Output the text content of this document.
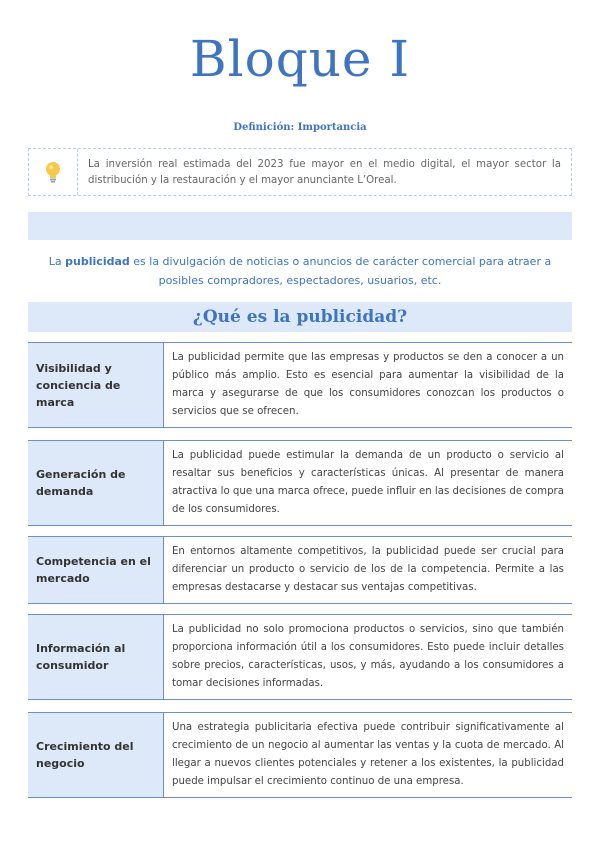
Bloque I
Definición: Importancia
La inversión real estimada del 2023 fue mayor en el medio digital, el mayor sector la distribución y la restauración y el mayor anunciante L’Oreal.
La publicidad es la divulgación de noticias o anuncios de carácter comercial para atraer a posibles compradores, espectadores, usuarios, etc.
¿Qué es la publicidad?
Visibilidad y conciencia de marca
La publicidad permite que las empresas y productos se den a conocer a un público más amplio. Esto es esencial para aumentar la visibilidad de la marca y asegurarse de que los consumidores conozcan los productos o servicios que se ofrecen.
Generación de demanda
La publicidad puede estimular la demanda de un producto o servicio al resaltar sus beneficios y características únicas. Al presentar de manera atractiva lo que una marca ofrece, puede influir en las decisiones de compra de los consumidores.
Competencia en el mercado
En entornos altamente competitivos, la publicidad puede ser crucial para diferenciar un producto o servicio de los de la competencia. Permite a las empresas destacarse y destacar sus ventajas competitivas.
Información al consumidor
La publicidad no solo promociona productos o servicios, sino que también proporciona información útil a los consumidores. Esto puede incluir detalles sobre precios, características, usos, y más, ayudando a los consumidores a tomar decisiones informadas.
Crecimiento del negocio
Una estrategia publicitaria efectiva puede contribuir significativamente al crecimiento de un negocio al aumentar las ventas y la cuota de mercado. Al llegar a nuevos clientes potenciales y retener a los existentes, la publicidad puede impulsar el crecimiento continuo de una empresa.
